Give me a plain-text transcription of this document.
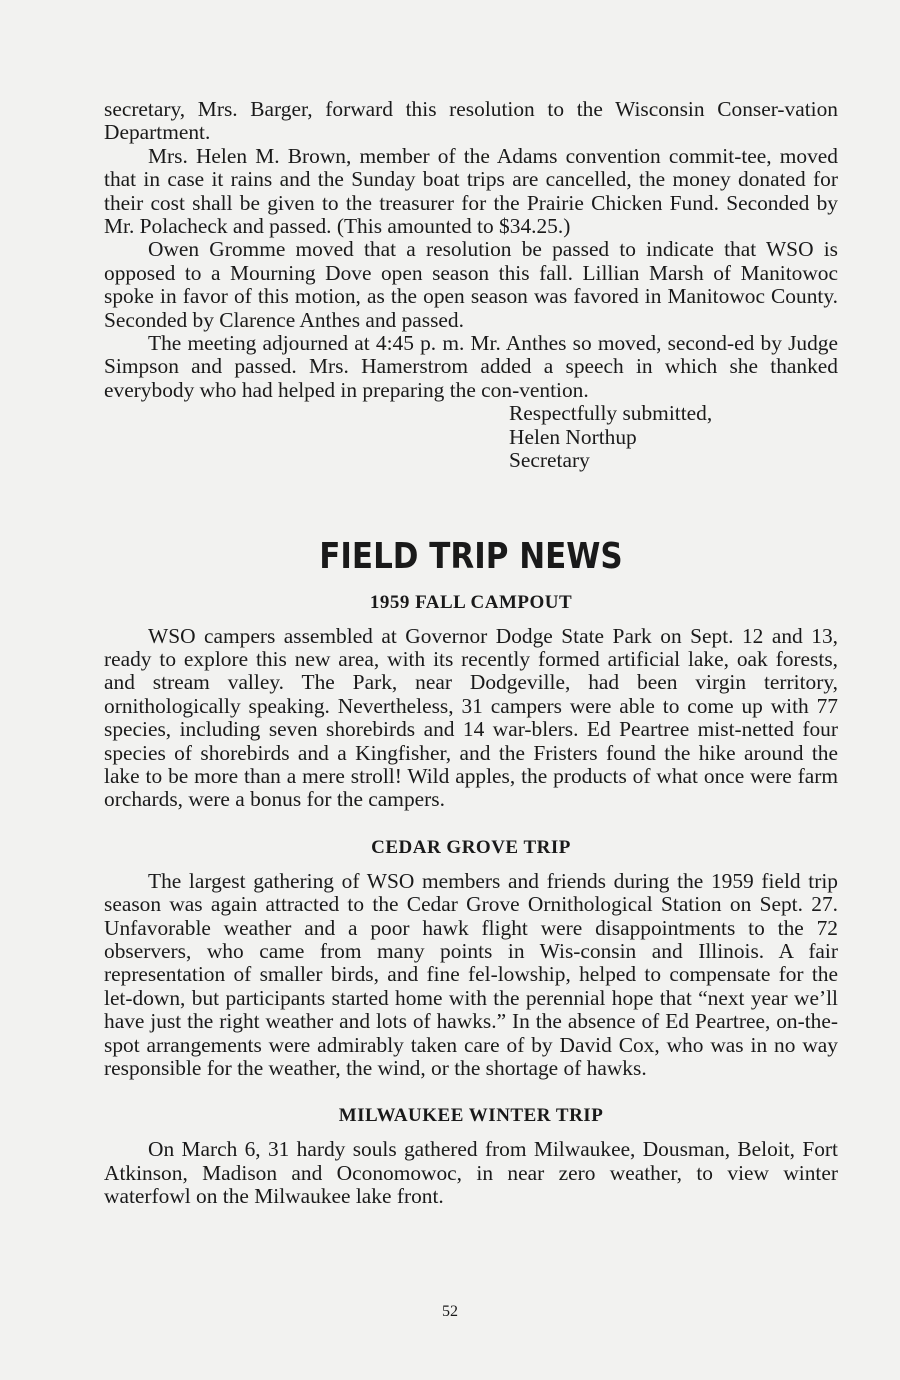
secretary, Mrs. Barger, forward this resolution to the Wisconsin Conser-vation Department.

Mrs. Helen M. Brown, member of the Adams convention commit-tee, moved that in case it rains and the Sunday boat trips are cancelled, the money donated for their cost shall be given to the treasurer for the Prairie Chicken Fund. Seconded by Mr. Polacheck and passed. (This amounted to $34.25.)

Owen Gromme moved that a resolution be passed to indicate that WSO is opposed to a Mourning Dove open season this fall. Lillian Marsh of Manitowoc spoke in favor of this motion, as the open season was favored in Manitowoc County. Seconded by Clarence Anthes and passed.

The meeting adjourned at 4:45 p. m. Mr. Anthes so moved, second-ed by Judge Simpson and passed. Mrs. Hamerstrom added a speech in which she thanked everybody who had helped in preparing the con-vention.

Respectfully submitted,
Helen Northup
Secretary
FIELD TRIP NEWS
1959 FALL CAMPOUT

WSO campers assembled at Governor Dodge State Park on Sept. 12 and 13, ready to explore this new area, with its recently formed artificial lake, oak forests, and stream valley. The Park, near Dodgeville, had been virgin territory, ornithologically speaking. Nevertheless, 31 campers were able to come up with 77 species, including seven shorebirds and 14 war-blers. Ed Peartree mist-netted four species of shorebirds and a Kingfisher, and the Fristers found the hike around the lake to be more than a mere stroll! Wild apples, the products of what once were farm orchards, were a bonus for the campers.

CEDAR GROVE TRIP

The largest gathering of WSO members and friends during the 1959 field trip season was again attracted to the Cedar Grove Ornithological Station on Sept. 27. Unfavorable weather and a poor hawk flight were disappointments to the 72 observers, who came from many points in Wis-consin and Illinois. A fair representation of smaller birds, and fine fel-lowship, helped to compensate for the let-down, but participants started home with the perennial hope that “next year we’ll have just the right weather and lots of hawks.” In the absence of Ed Peartree, on-the-spot arrangements were admirably taken care of by David Cox, who was in no way responsible for the weather, the wind, or the shortage of hawks.

MILWAUKEE WINTER TRIP

On March 6, 31 hardy souls gathered from Milwaukee, Dousman, Beloit, Fort Atkinson, Madison and Oconomowoc, in near zero weather, to view winter waterfowl on the Milwaukee lake front.

52
